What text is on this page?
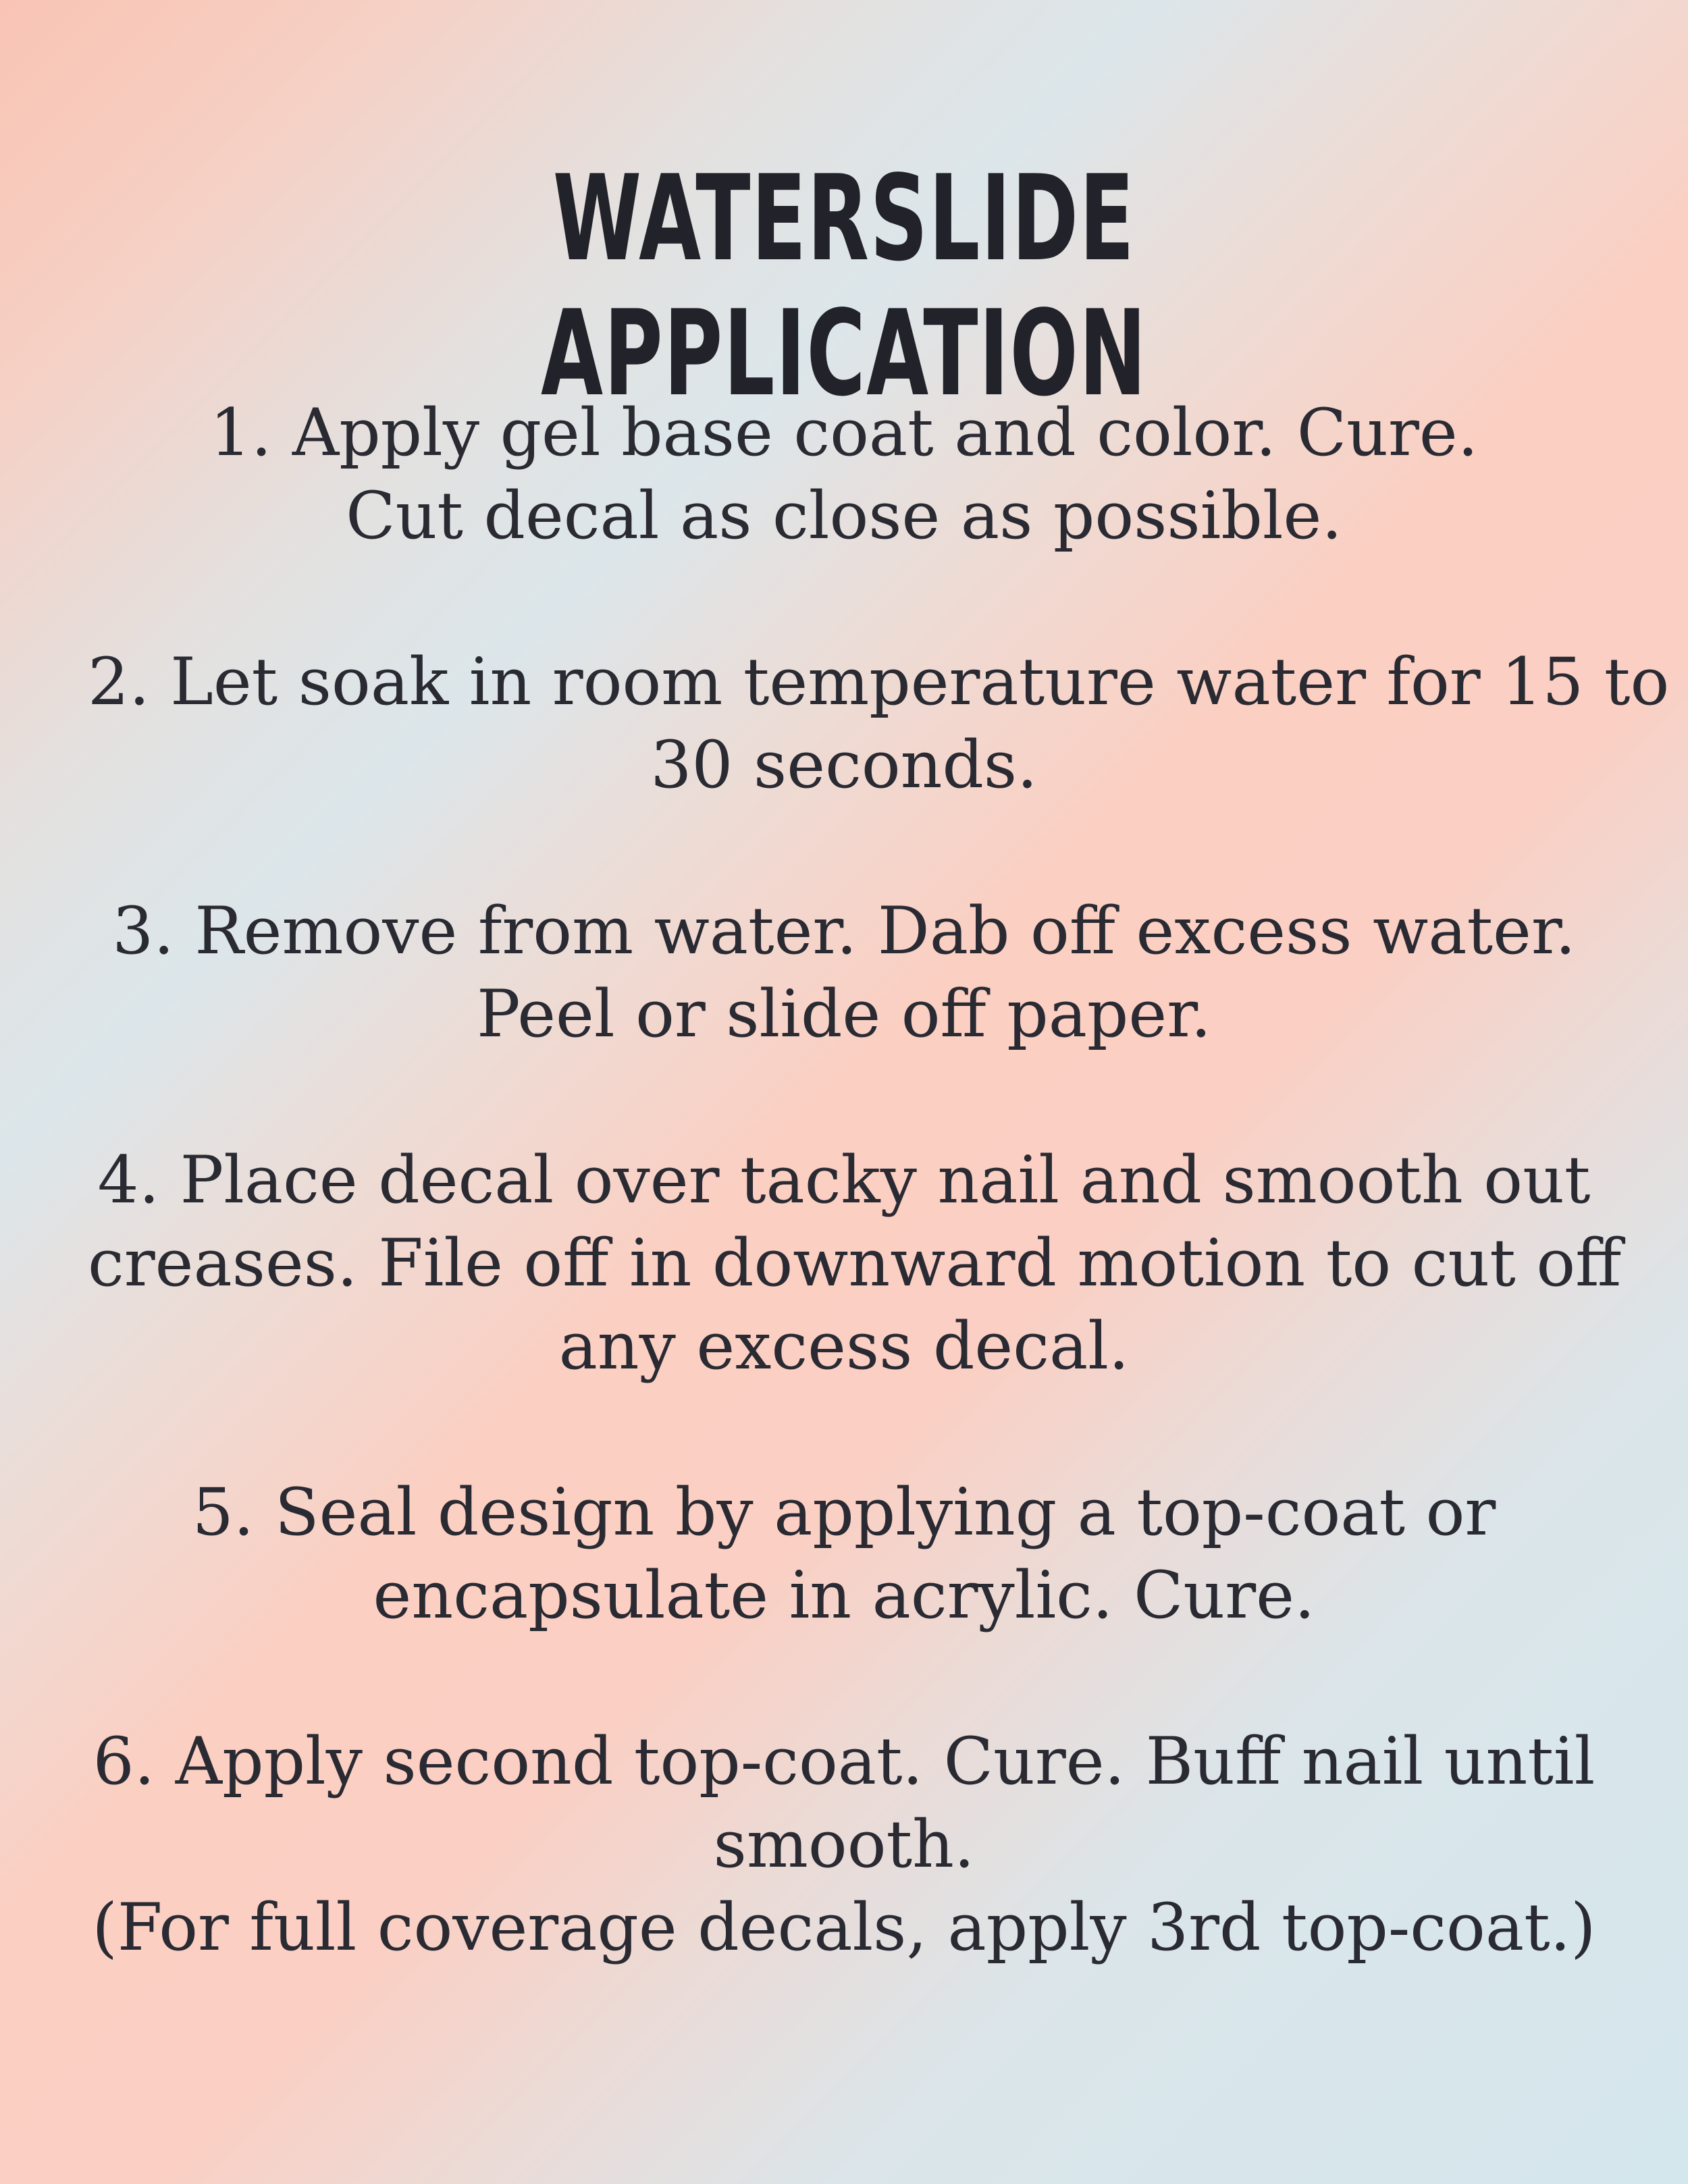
WATERSLIDE APPLICATION
1. Apply gel base coat and color. Cure.
Cut decal as close as possible.
2. Let soak in room temperature water for 15 to
30 seconds.
3. Remove from water. Dab off excess water.
Peel or slide off paper.
4. Place decal over tacky nail and smooth out
creases. File off in downward motion to cut off
any excess decal.
5. Seal design by applying a top-coat or
encapsulate in acrylic. Cure.
6. Apply second top-coat. Cure. Buff nail until
smooth.
(For full coverage decals, apply 3rd top-coat.)
